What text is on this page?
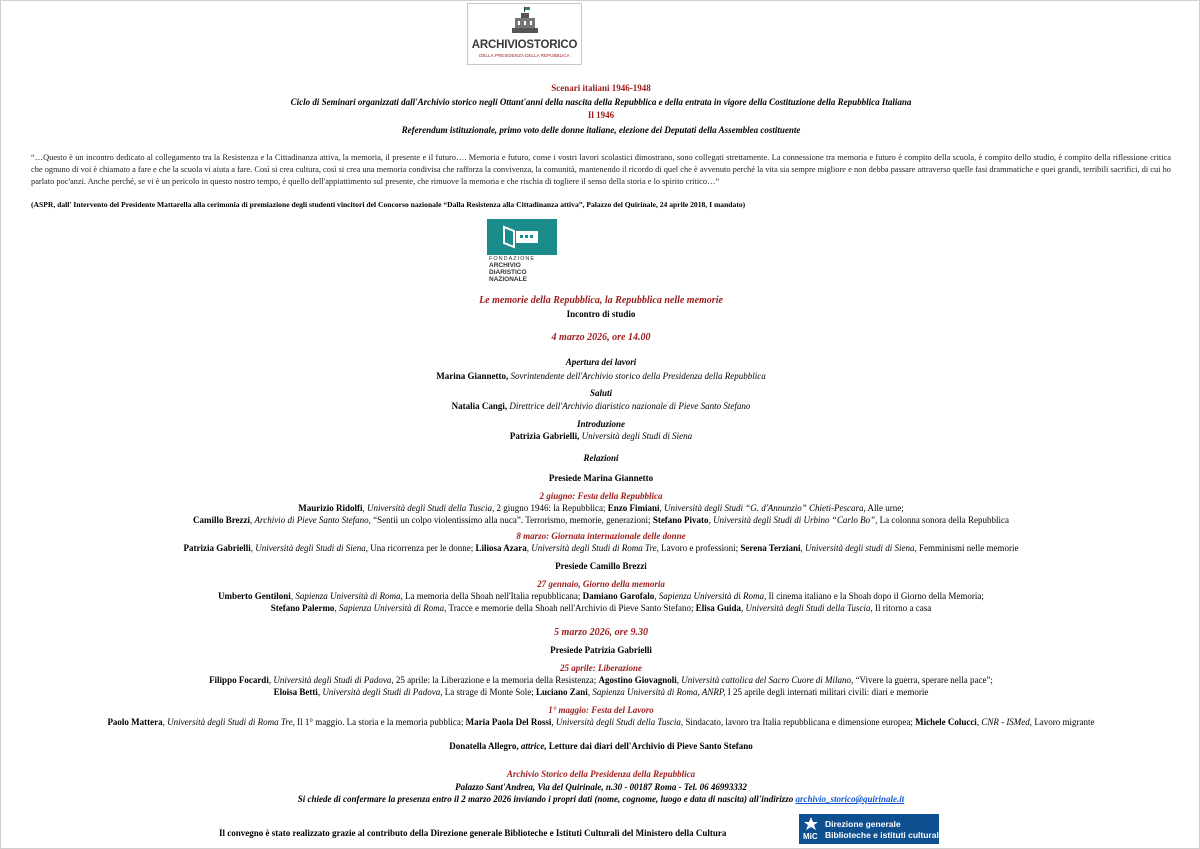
ARCHIVIOSTORICO
DELLA PRESIDENZA DELLA REPUBBLICA
Scenari italiani 1946-1948
Ciclo di Seminari organizzati dall'Archivio storico negli Ottant'anni della nascita della Repubblica e della entrata in vigore della Costituzione della Repubblica Italiana
Il 1946
Referendum istituzionale, primo voto delle donne italiane, elezione dei Deputati della Assemblea costituente
“…Questo è un incontro dedicato al collegamento tra la Resistenza e la Cittadinanza attiva, la memoria, il presente e il futuro…. Memoria e futuro, come i vostri lavori scolastici dimostrano, sono collegati strettamente. La connessione tra memoria e futuro è compito della scuola, è compito dello studio, è compito della riflessione critica che ognuno di voi è chiamato a fare e che la scuola vi aiuta a fare. Così si crea cultura, così si crea una memoria condivisa che rafforza la convivenza, la comunità, mantenendo il ricordo di quel che è avvenuto perché la vita sia sempre migliore e non debba passare attraverso quelle fasi drammatiche e quei grandi, terribili sacrifici, di cui ho parlato poc'anzi. Anche perché, se vi è un pericolo in questo nostro tempo, è quello dell'appiattimento sul presente, che rimuove la memoria e che rischia di togliere il senso della storia e lo spirito critico…”
(ASPR, dall' Intervento del Presidente Mattarella alla cerimonia di premiazione degli studenti vincitori del Concorso nazionale “Dalla Resistenza alla Cittadinanza attiva”, Palazzo del Quirinale, 24 aprile 2018, I mandato)
FONDAZIONE
ARCHIVIO
DIARISTICO
NAZIONALE
Le memorie della Repubblica, la Repubblica nelle memorie
Incontro di studio
4 marzo 2026, ore 14.00
Apertura dei lavori
Marina Giannetto, Sovrintendente dell'Archivio storico della Presidenza della Repubblica
Saluti
Natalia Cangi, Direttrice dell'Archivio diaristico nazionale di Pieve Santo Stefano
Introduzione
Patrizia Gabrielli, Università degli Studi di Siena
Relazioni
Presiede Marina Giannetto
2 giugno: Festa della Repubblica
Maurizio Ridolfi, Università degli Studi della Tuscia, 2 giugno 1946: la Repubblica; Enzo Fimiani, Università degli Studi “G. d'Annunzio” Chieti-Pescara, Alle urne;
Camillo Brezzi, Archivio di Pieve Santo Stefano, “Sentii un colpo violentissimo alla nuca”. Terrorismo, memorie, generazioni; Stefano Pivato, Università degli Studi di Urbino “Carlo Bo”, La colonna sonora della Repubblica
8 marzo: Giornata internazionale delle donne
Patrizia Gabrielli, Università degli Studi di Siena, Una ricorrenza per le donne; Liliosa Azara, Università degli Studi di Roma Tre, Lavoro e professioni; Serena Terziani, Università degli studi di Siena, Femminismi nelle memorie
Presiede Camillo Brezzi
27 gennaio, Giorno della memoria
Umberto Gentiloni, Sapienza Università di Roma, La memoria della Shoah nell'Italia repubblicana; Damiano Garofalo, Sapienza Università di Roma, Il cinema italiano e la Shoah dopo il Giorno della Memoria;
Stefano Palermo, Sapienza Università di Roma, Tracce e memorie della Shoah nell'Archivio di Pieve Santo Stefano; Elisa Guida, Università degli Studi della Tuscia, Il ritorno a casa
5 marzo 2026, ore 9.30
Presiede Patrizia Gabrielli
25 aprile: Liberazione
Filippo Focardi, Università degli Studi di Padova, 25 aprile: la Liberazione e la memoria della Resistenza; Agostino Giovagnoli, Università cattolica del Sacro Cuore di Milano, “Vivere la guerra, sperare nella pace”;
Eloisa Betti, Università degli Studi di Padova, La strage di Monte Sole; Luciano Zani, Sapienza Università di Roma, ANRP, I 25 aprile degli internati militari civili: diari e memorie
1° maggio: Festa del Lavoro
Paolo Mattera, Università degli Studi di Roma Tre, Il 1° maggio. La storia e la memoria pubblica; Maria Paola Del Rossi, Università degli Studi della Tuscia, Sindacato, lavoro tra Italia repubblicana e dimensione europea; Michele Colucci, CNR - ISMed, Lavoro migrante
Donatella Allegro, attrice, Letture dai diari dell'Archivio di Pieve Santo Stefano
Archivio Storico della Presidenza della Repubblica
Palazzo Sant'Andrea, Via del Quirinale, n.30 - 00187 Roma - Tel. 06 46993332
Si chiede di confermare la presenza entro il 2 marzo 2026 inviando i propri dati (nome, cognome, luogo e data di nascita) all'indirizzo archivio_storico@quirinale.it
Il convegno è stato realizzato grazie al contributo della Direzione generale Biblioteche e Istituti Culturali del Ministero della Cultura	MiC
Direzione generale
Biblioteche e istituti culturali
